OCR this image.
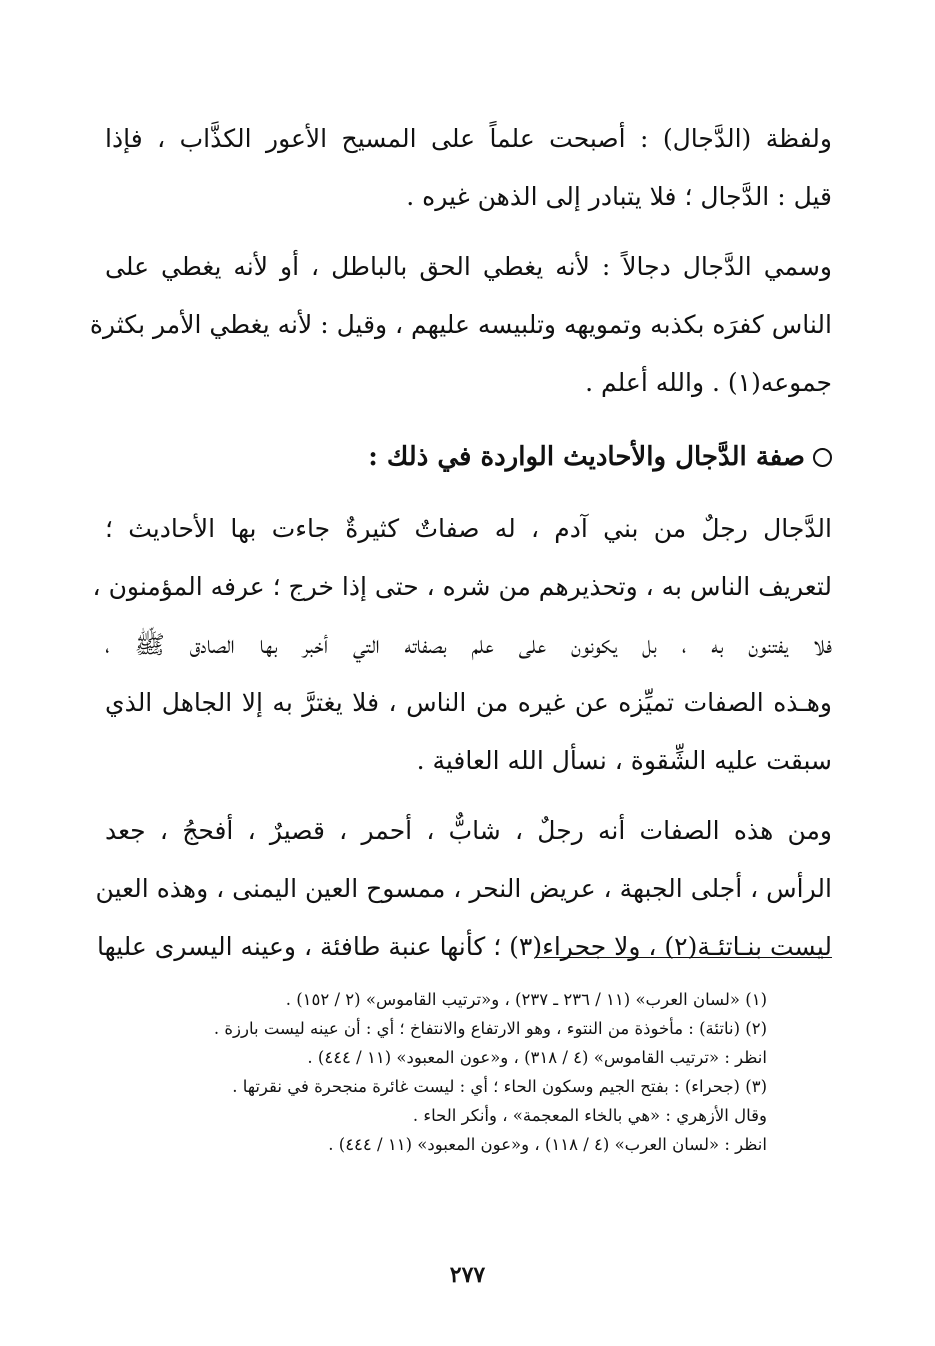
ولفظة (الدَّجال) : أصبحت علماً على المسيح الأعور الكذَّاب ، فإذا
قيل : الدَّجال ؛ فلا يتبادر إلى الذهن غيره .

وسمي الدَّجال دجالاً : لأنه يغطي الحق بالباطل ، أو لأنه يغطي على
الناس كفرَه بكذبه وتمويهه وتلبيسه عليهم ، وقيل : لأنه يغطي الأمر بكثرة
جموعه(١) . والله أعلم .

صفة الدَّجال والأحاديث الواردة في ذلك :

الدَّجال رجلٌ من بني آدم ، له صفاتٌ كثيرةٌ جاءت بها الأحاديث ؛
لتعريف الناس به ، وتحذيرهم من شره ، حتى إذا خرج ؛ عرفه المؤمنون ،
فلا يفتنون به ، بل يكونون على علم بصفاته التي أخبر بها الصادق ﷺ ،
وهـذه الصفات تميِّزه عن غيره من الناس ، فلا يغترَّ به إلا الجاهل الذي
سبقت عليه الشِّقوة ، نسأل الله العافية .

ومن هذه الصفات أنه رجلٌ ، شابٌّ ، أحمر ، قصيرٌ ، أفحجُ ، جعد
الرأس ، أجلى الجبهة ، عريض النحر ، ممسوح العين اليمنى ، وهذه العين
ليست بنـاتئـة(٢) ، ولا جحراء(٣) ؛ كأنها عنبة طافئة ، وعينه اليسرى عليها

(١) «لسان العرب» (١١ / ٢٣٦ ـ ٢٣٧) ، و«ترتيب القاموس» (٢ / ١٥٢) .
(٢) (ناتئة) : مأخوذة من النتوء ، وهو الارتفاع والانتفاخ ؛ أي : أن عينه ليست بارزة .
انظر : «ترتيب القاموس» (٤ / ٣١٨) ، و«عون المعبود» (١١ / ٤٤٤) .
(٣) (جحراء) : بفتح الجيم وسكون الحاء ؛ أي : ليست غائرة منجحرة في نقرتها .
وقال الأزهري : «هي بالخاء المعجمة» ، وأنكر الحاء .
انظر : «لسان العرب» (٤ / ١١٨) ، و«عون المعبود» (١١ / ٤٤٤) .
٢٧٧
